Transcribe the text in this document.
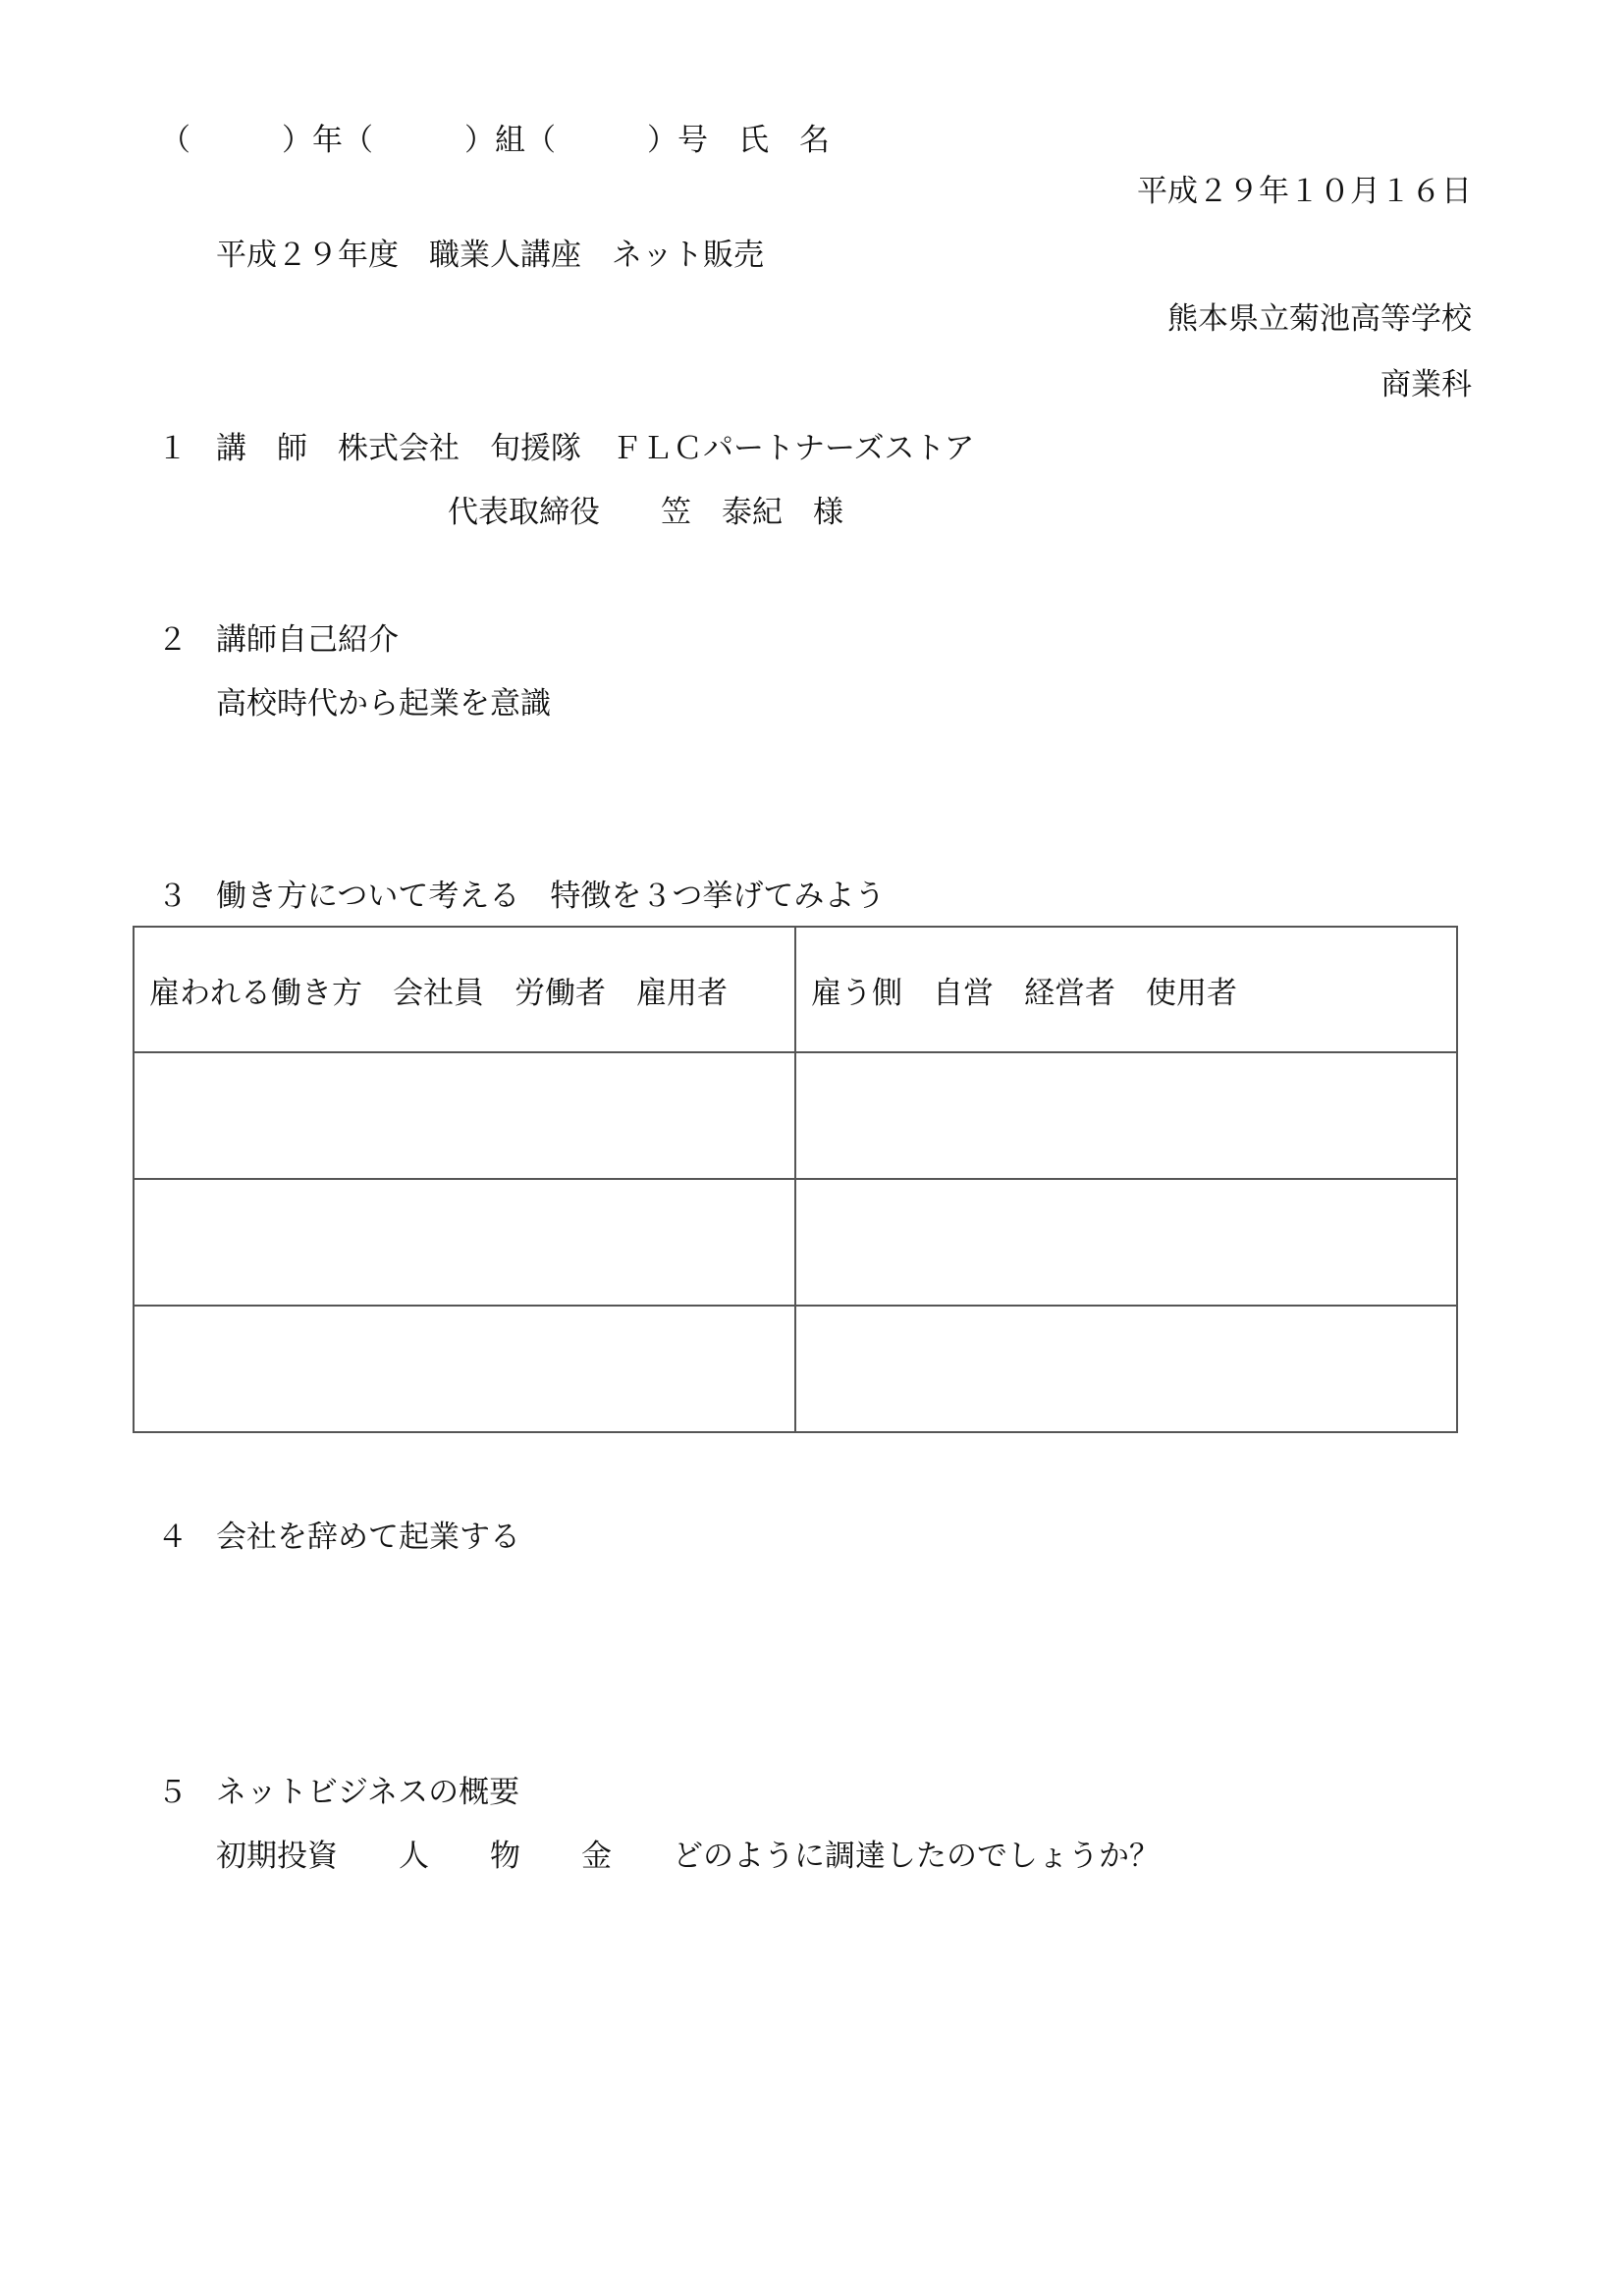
（　　　）年（　　　）組（　　　）号　氏　名
平成２９年１０月１６日
平成２９年度　職業人講座　ネット販売
熊本県立菊池高等学校
商業科
１ 講　師　株式会社　旬援隊　ＦＬＣパートナーズストア
代表取締役　　笠　泰紀　様
２ 講師自己紹介
高校時代から起業を意識
３ 働き方について考える　特徴を３つ挙げてみよう
雇われる働き方　会社員　労働者　雇用者	雇う側　自営　経営者　使用者

４ 会社を辞めて起業する
５ ネットビジネスの概要
初期投資　　人　　物　　金　　どのように調達したのでしょうか？
